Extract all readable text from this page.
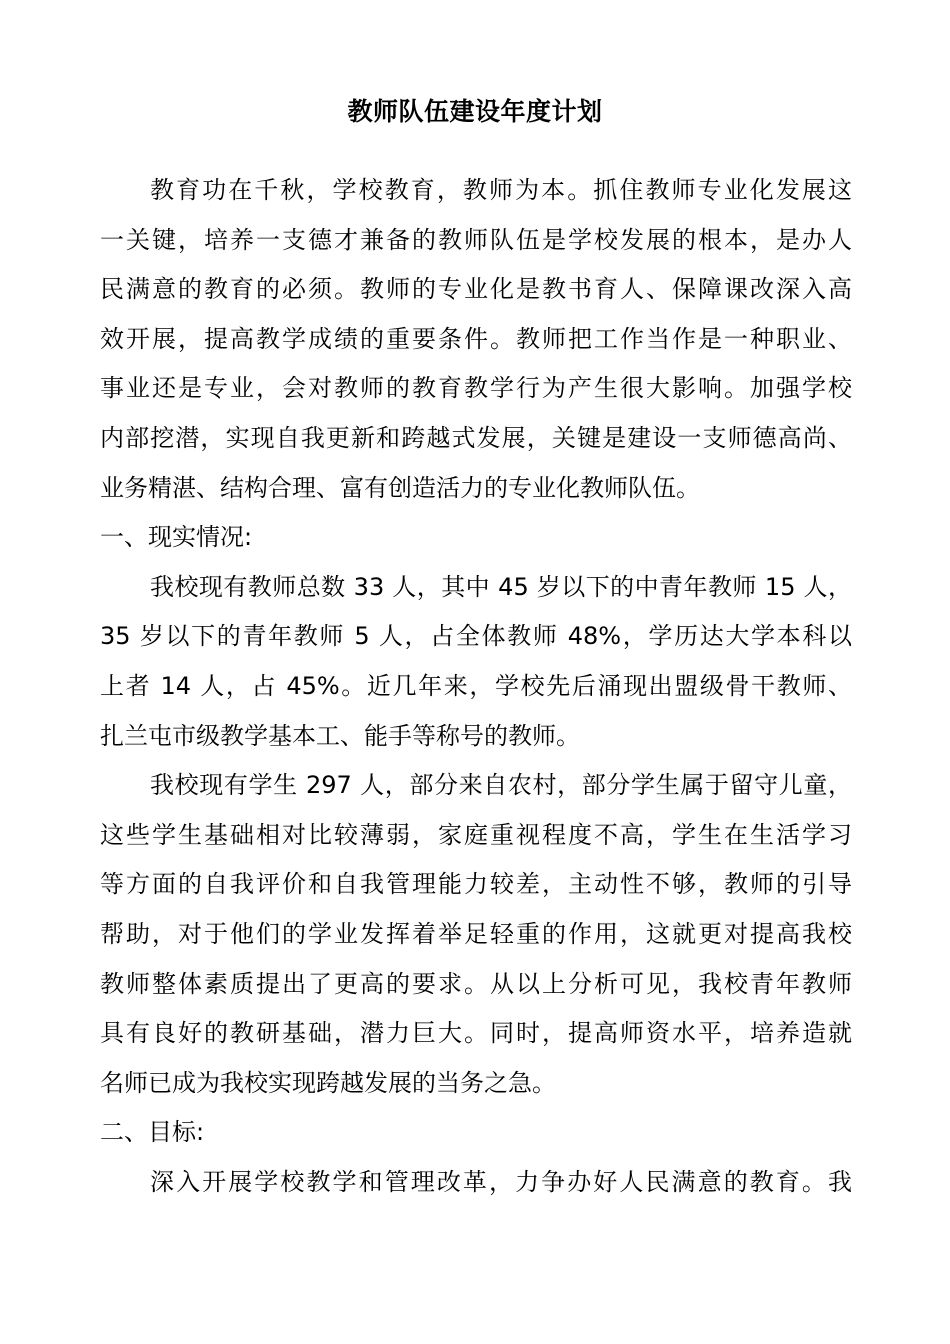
教师队伍建设年度计划
教育功在千秋，学校教育，教师为本。抓住教师专业化发展这
一关键，培养一支德才兼备的教师队伍是学校发展的根本，是办人
民满意的教育的必须。教师的专业化是教书育人、保障课改深入高
效开展，提高教学成绩的重要条件。教师把工作当作是一种职业、
事业还是专业，会对教师的教育教学行为产生很大影响。加强学校
内部挖潜，实现自我更新和跨越式发展，关键是建设一支师德高尚、
业务精湛、结构合理、富有创造活力的专业化教师队伍。
一、现实情况:
我校现有教师总数 33 人，其中 45 岁以下的中青年教师 15 人，
35 岁以下的青年教师 5 人，占全体教师 48%，学历达大学本科以
上者 14 人，占 45%。近几年来，学校先后涌现出盟级骨干教师、
扎兰屯市级教学基本工、能手等称号的教师。
我校现有学生 297 人，部分来自农村，部分学生属于留守儿童，
这些学生基础相对比较薄弱，家庭重视程度不高，学生在生活学习
等方面的自我评价和自我管理能力较差，主动性不够，教师的引导
帮助，对于他们的学业发挥着举足轻重的作用，这就更对提高我校
教师整体素质提出了更高的要求。从以上分析可见，我校青年教师
具有良好的教研基础，潜力巨大。同时，提高师资水平，培养造就
名师已成为我校实现跨越发展的当务之急。
二、目标:
深入开展学校教学和管理改革，力争办好人民满意的教育。我
